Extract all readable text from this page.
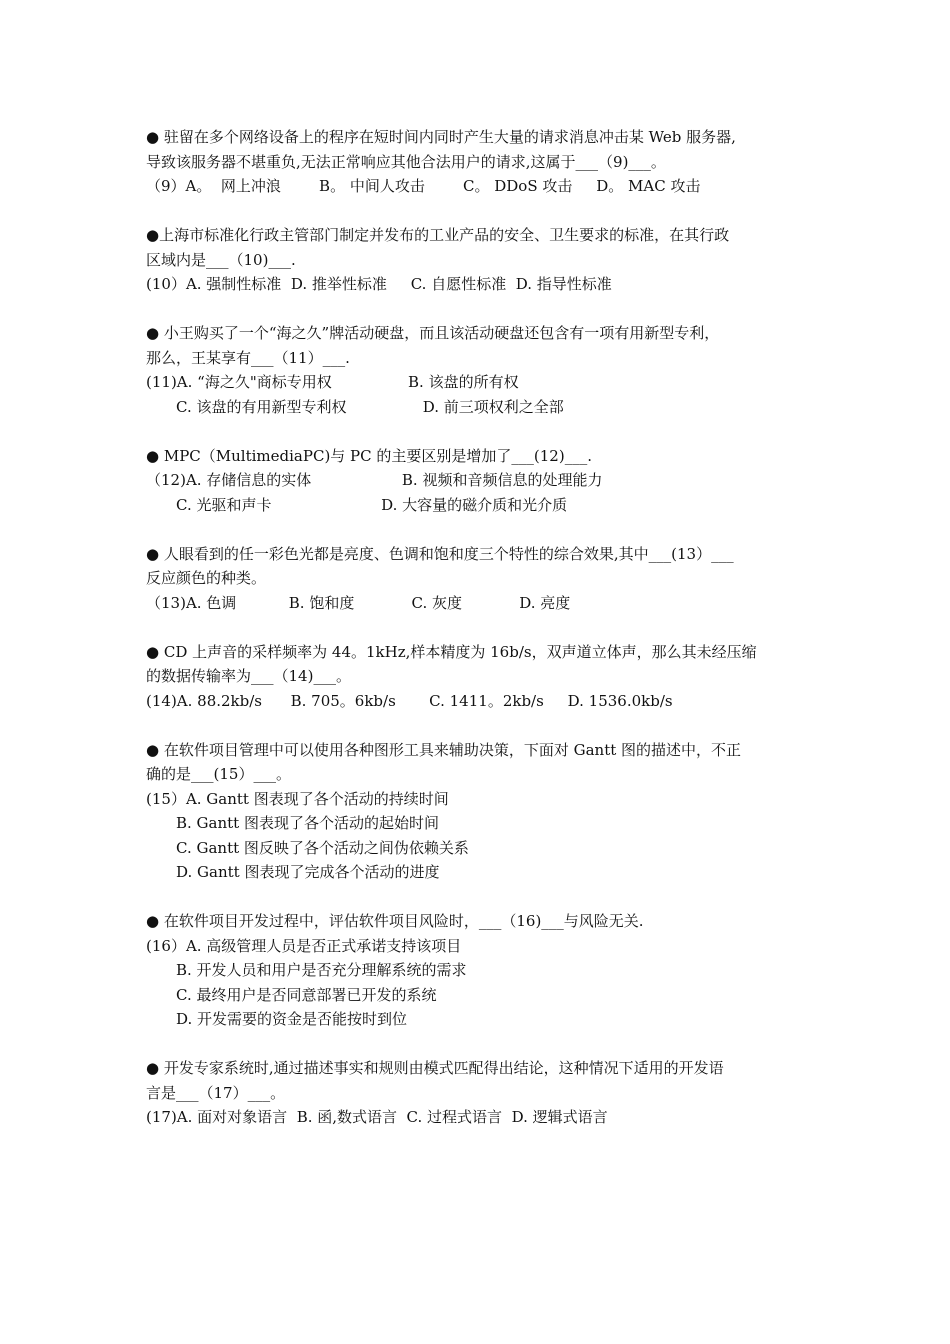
● 驻留在多个网络设备上的程序在短时间内同时产生大量的请求消息冲击某 Web 服务器,
导致该服务器不堪重负,无法正常响应其他合法用户的请求,这属于___（9)___。
（9）A。  网上冲浪        B。 中间人攻击        C。 DDoS 攻击     D。 MAC 攻击
●上海市标准化行政主管部门制定并发布的工业产品的安全、卫生要求的标准，在其行政
区域内是___（10)___.
(10）A. 强制性标准  D. 推举性标准     C. 自愿性标准  D. 指导性标准
● 小王购买了一个“海之久”牌活动硬盘，而且该活动硬盘还包含有一项有用新型专利，
那么，王某享有___（11）___.
(11)A. “海之久"商标专用权                B. 该盘的所有权
C. 该盘的有用新型专利权                D. 前三项权利之全部
● MPC（MultimediaPC)与 PC 的主要区别是增加了___(12)___.
（12)A. 存储信息的实体                   B. 视频和音频信息的处理能力
C. 光驱和声卡                       D. 大容量的磁介质和光介质
● 人眼看到的任一彩色光都是亮度、色调和饱和度三个特性的综合效果,其中___(13）___
反应颜色的种类。
（13)A. 色调           B. 饱和度            C. 灰度            D. 亮度
● CD 上声音的采样频率为 44。1kHz,样本精度为 16b/s，双声道立体声，那么其未经压缩
的数据传输率为___（14)___。
(14)A. 88.2kb/s      B. 705。6kb/s       C. 1411。2kb/s     D. 1536.0kb/s
● 在软件项目管理中可以使用各种图形工具来辅助决策，下面对 Gantt 图的描述中，不正
确的是___(15）___。
(15）A. Gantt 图表现了各个活动的持续时间
B. Gantt 图表现了各个活动的起始时间
C. Gantt 图反映了各个活动之间伪依赖关系
D. Gantt 图表现了完成各个活动的进度
● 在软件项目开发过程中，评估软件项目风险时，___（16)___与风险无关.
(16）A. 高级管理人员是否正式承诺支持该项目
B. 开发人员和用户是否充分理解系统的需求
C. 最终用户是否同意部署已开发的系统
D. 开发需要的资金是否能按时到位
● 开发专家系统时,通过描述事实和规则由模式匹配得出结论，这种情况下适用的开发语
言是___（17）___。
(17)A. 面对对象语言  B. 函,数式语言  C. 过程式语言  D. 逻辑式语言
